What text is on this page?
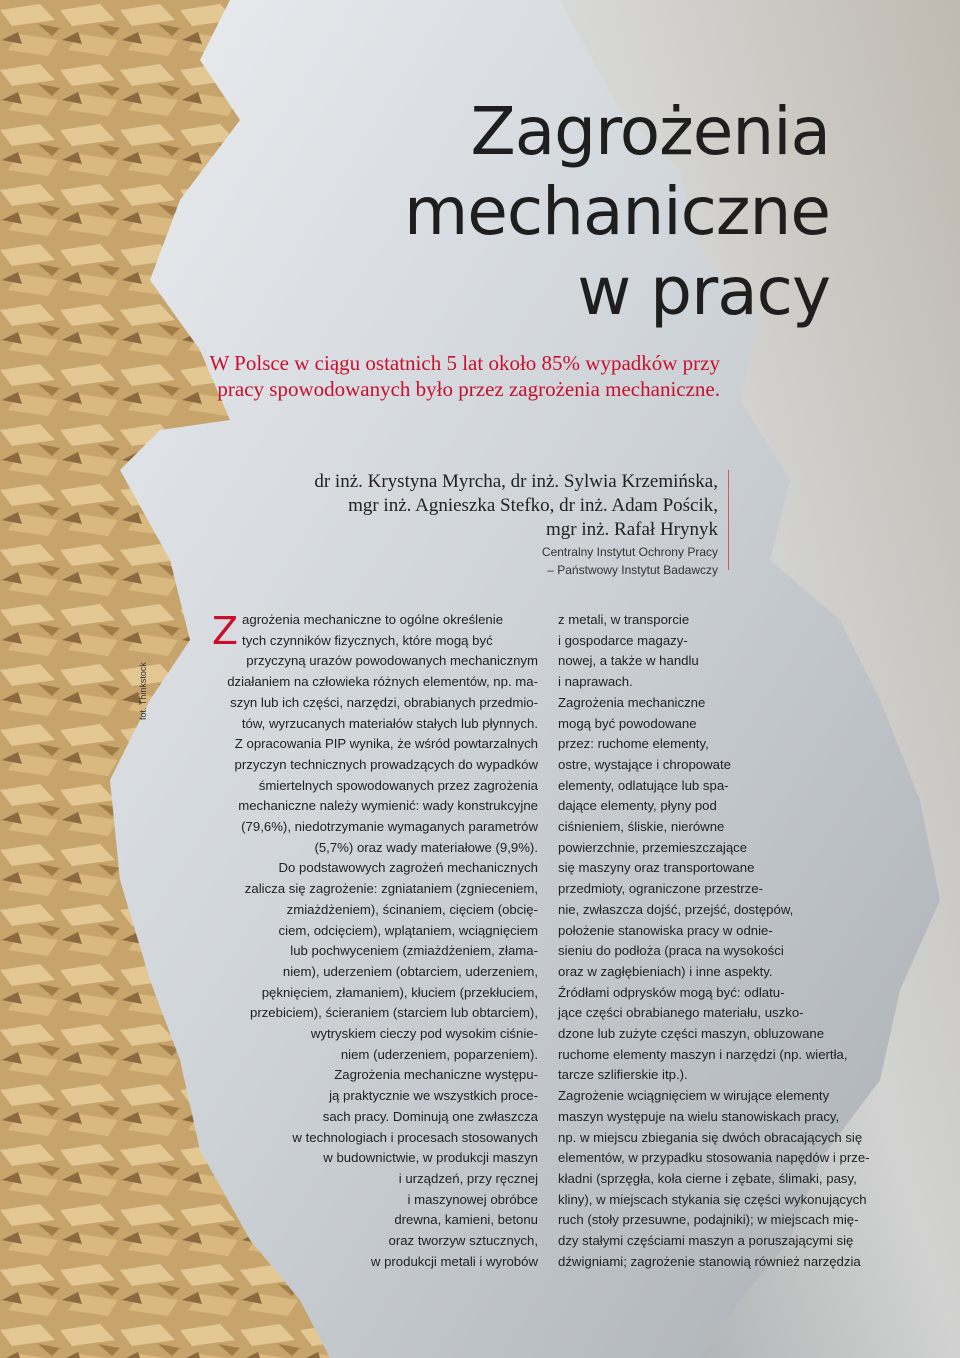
Zagrożenia
mechaniczne
w pracy
W Polsce w ciągu ostatnich 5 lat około 85% wypadków przy pracy spowodowanych było przez zagrożenia mechaniczne.
dr inż. Krystyna Myrcha, dr inż. Sylwia Krzemińska,
mgr inż. Agnieszka Stefko, dr inż. Adam Pościk,
mgr inż. Rafał Hrynyk
Centralny Instytut Ochrony Pracy
– Państwowy Instytut Badawczy
fot. Thinkstock
Z agrożenia mechaniczne to ogólne określenie
tych czynników fizycznych, które mogą być
przyczyną urazów powodowanych mechanicznym
działaniem na człowieka różnych elementów, np. ma-
szyn lub ich części, narzędzi, obrabianych przedmio-
tów, wyrzucanych materiałów stałych lub płynnych.
Z opracowania PIP wynika, że wśród powtarzalnych
przyczyn technicznych prowadzących do wypadków
śmiertelnych spowodowanych przez zagrożenia
mechaniczne należy wymienić: wady konstrukcyjne
(79,6%), niedotrzymanie wymaganych parametrów
(5,7%) oraz wady materiałowe (9,9%).
Do podstawowych zagrożeń mechanicznych
zalicza się zagrożenie: zgniataniem (zgnieceniem,
zmiażdżeniem), ścinaniem, cięciem (obcię-
ciem, odcięciem), wplątaniem, wciągnięciem
lub pochwyceniem (zmiażdżeniem, złama-
niem), uderzeniem (obtarciem, uderzeniem,
pęknięciem, złamaniem), kłuciem (przekłuciem,
przebiciem), ścieraniem (starciem lub obtarciem),
wytryskiem cieczy pod wysokim ciśnie-
niem (uderzeniem, poparzeniem).
Zagrożenia mechaniczne występu-
ją praktycznie we wszystkich proce-
sach pracy. Dominują one zwłaszcza
w technologiach i procesach stosowanych
w budownictwie, w produkcji maszyn
i urządzeń, przy ręcznej
i maszynowej obróbce
drewna, kamieni, betonu
oraz tworzyw sztucznych,
w produkcji metali i wyrobów
z metali, w transporcie
i gospodarce magazy-
nowej, a także w handlu
i naprawach.
Zagrożenia mechaniczne
mogą być powodowane
przez: ruchome elementy,
ostre, wystające i chropowate
elementy, odlatujące lub spa-
dające elementy, płyny pod
ciśnieniem, śliskie, nierówne
powierzchnie, przemieszczające
się maszyny oraz transportowane
przedmioty, ograniczone przestrze-
nie, zwłaszcza dojść, przejść, dostępów,
położenie stanowiska pracy w odnie-
sieniu do podłoża (praca na wysokości
oraz w zagłębieniach) i inne aspekty.
Źródłami odprysków mogą być: odlatu-
jące części obrabianego materiału, uszko-
dzone lub zużyte części maszyn, obluzowane
ruchome elementy maszyn i narzędzi (np. wiertła,
tarcze szlifierskie itp.).
Zagrożenie wciągnięciem w wirujące elementy
maszyn występuje na wielu stanowiskach pracy,
np. w miejscu zbiegania się dwóch obracających się
elementów, w przypadku stosowania napędów i prze-
kładni (sprzęgła, koła cierne i zębate, ślimaki, pasy,
kliny), w miejscach stykania się części wykonujących
ruch (stoły przesuwne, podajniki); w miejscach mię-
dzy stałymi częściami maszyn a poruszającymi się
dźwigniami; zagrożenie stanowią również narzędzia
